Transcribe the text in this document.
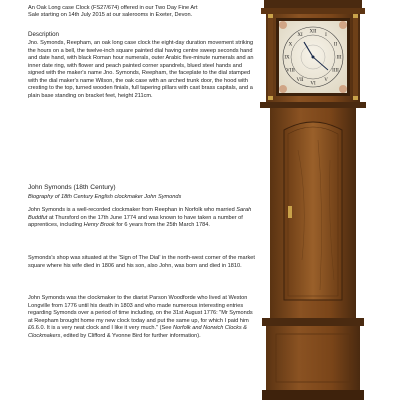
An Oak Long case Clock (FS27/674) offered in our Two Day Fine Art
Sale starting on 14th July 2015 at our salerooms in Exeter, Devon.
Description
Jno. Symonds, Reepham, an oak long case clock the eight-day duration movement striking the hours on a bell, the twelve-inch square painted dial having centre sweep seconds hand and date hand, with black Roman hour numerals, outer Arabic five-minute numerals and an inner date ring, with flower and peach painted corner spandrels, blued steel hands and signed with the maker's name Jno. Symonds, Reepham, the faceplate to the dial stamped with the dial maker's name Wilson, the oak case with an arched trunk door, the hood with cresting to the top, turned wooden finials, full tapering pillars with cast brass capitals, and a plain base standing on bracket feet, height 211cm.
John Symonds (18th Century)
Biography of 18th Century English clockmaker John Symonds
John Symonds is a well-recorded clockmaker from Reephan in Norfolk who married Sarah Buddfut at Thursford on the 17th June 1774 and was known to have taken a number of apprentices, including Henry Brook for 6 years from the 25th March 1784.
Symonds's shop was situated at the 'Sign of The Dial' in the north-west corner of the market square where his wife died in 1806 and his son, also John, was born and died in 1810.
John Symonds was the clockmaker to the diarist Parson Woodforde who lived at Weston Longville from 1776 until his death in 1803 and who made numerous interesting entries regarding Symonds over a period of time including, on the 31st August 1776: "Mr Symonds at Reepham brought home my new clock today and put the same up, for which I paid him £6.6.0. It is a very neat clock and I like it very much." (See Norfolk and Norwich Clocks & Clockmakers, edited by Clifford & Yvonne Bird for further information).
XII
I
II
III
IIII
V
VI
VII
VIII
IX
X
XI
